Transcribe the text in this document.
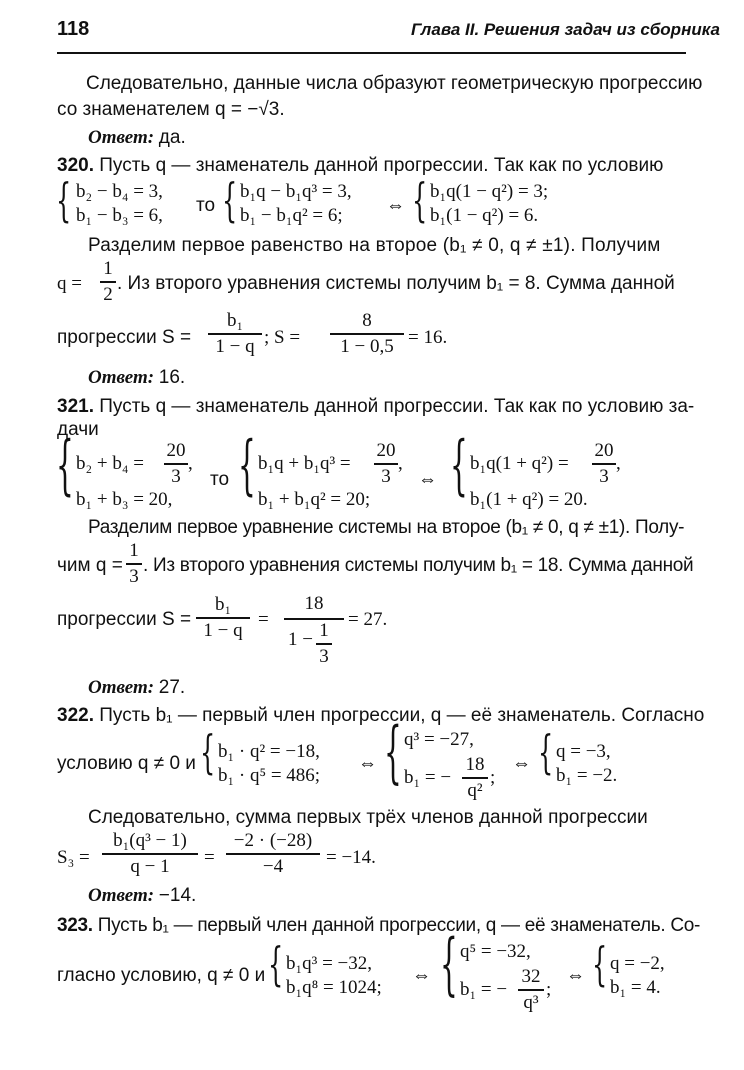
118	Глава II. Решения задач из сборника
Следовательно, данные числа образуют геометрическую прогрессию
со знаменателем q = −√3.
Ответ: да.
320. Пусть q — знаменатель данной прогрессии. Так как по условию
{ b₂ − b₄ = 3,
b₁ − b₃ = 6, то { b₁q − b₁q³ = 3,
b₁ − b₁q² = 6; ⇔ { b₁q(1 − q²) = 3;
b₁(1 − q²) = 6.
Разделим первое равенство на второе (b₁ ≠ 0, q ≠ ±1). Получим
q =
1
2 . Из второго уравнения системы получим b₁ = 8. Сумма данной
прогрессии S =
b₁
1 − q ; S =
8
1 − 0,5 = 16.
Ответ: 16.
321. Пусть q — знаменатель данной прогрессии. Так как по условию за-
дачи
{ b₂ + b₄ =
20
3
,
b₁ + b₃ = 20,
то { b₁q + b₁q³ =
20
3
,
b₁ + b₁q² = 20;
⇔ { b₁q(1 + q²) =
20
3
,
b₁(1 + q²) = 20.
Разделим первое уравнение системы на второе (b₁ ≠ 0, q ≠ ±1). Полу-
чим q =
1
3 . Из второго уравнения системы получим b₁ = 18. Сумма данной
прогрессии S =
b₁
1 − q =
18
1 − 1
3
= 27.
Ответ: 27.
322. Пусть b₁ — первый член прогрессии, q — её знаменатель. Согласно
условию q ≠ 0 и { b₁ · q² = −18,
b₁ · q⁵ = 486;
⇔ { q³ = −27,
b₁ = −
18
q²
;
⇔ { q = −3,
b₁ = −2.
Следовательно, сумма первых трёх членов данной прогрессии
S₃ =
b₁(q³ − 1)
q − 1	=
−2 · (−28)
−4	= −14.
Ответ: −14.
323. Пусть b₁ — первый член данной прогрессии, q — её знаменатель. Со-
гласно условию, q ≠ 0 и { b₁q³ = −32,
b₁q⁸ = 1024;
⇔ { q⁵ = −32,
b₁ = −
32
q³
;
⇔ { q = −2,
b₁ = 4.
